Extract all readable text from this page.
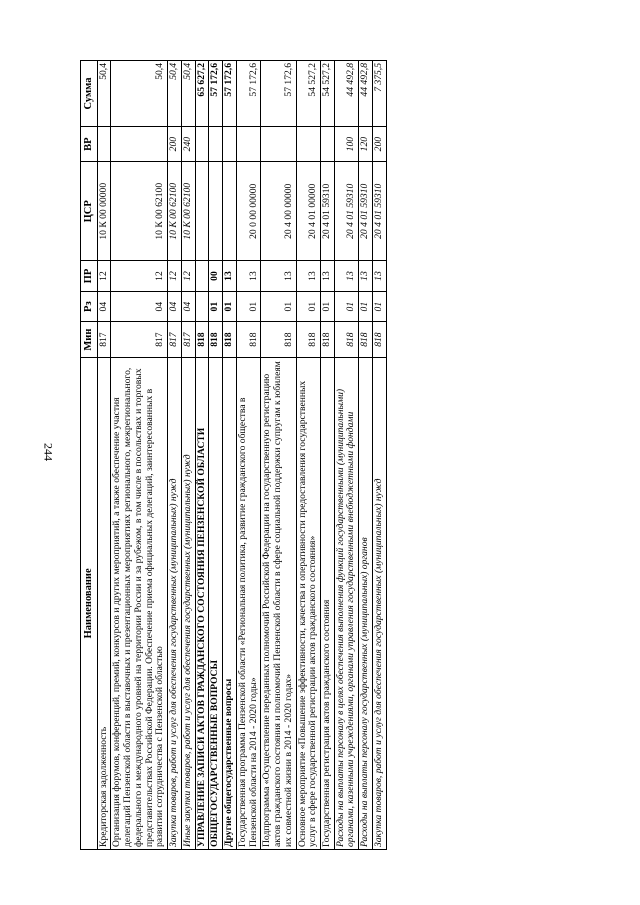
244
Наименование	Мин	Рз	ПР	ЦСР	ВР	Сумма
Кредиторская задолженность	817	04	12	10 К 00 00000		50,4
Организация форумов, конференций, премий, конкурсов и других мероприятий, а также обеспечение участия делегаций Пензенской области в выставочных и презентационных мероприятиях регионального, межрегионального, федерального и международного уровней на территории России и за рубежом, в том числе в посольствах и торговых представительствах Российской Федерации. Обеспечение приема официальных делегаций, заинтересованных в развитии сотрудничества с Пензенской областью	817	04	12	10 К 00 62100		50,4
Закупка товаров, работ и услуг для обеспечения государственных (муниципальных) нужд	817	04	12	10 К 00 62100	200	50,4
Иные закупки товаров, работ и услуг для обеспечения государственных (муниципальных) нужд	817	04	12	10 К 00 62100	240	50,4
УПРАВЛЕНИЕ ЗАПИСИ АКТОВ ГРАЖДАНСКОГО СОСТОЯНИЯ ПЕНЗЕНСКОЙ ОБЛАСТИ	818					65 627,2
ОБЩЕГОСУДАРСТВЕННЫЕ ВОПРОСЫ	818	01	00			57 172,6
Другие общегосударственные вопросы	818	01	13			57 172,6
Государственная программа Пензенской области «Региональная политика, развитие гражданского общества в Пензенской области на 2014 - 2020 годы»	818	01	13	20 0 00 00000		57 172,6
Подпрограмма «Осуществление переданных полномочий Российской Федерации на государственную регистрацию актов гражданского состояния и полномочий Пензенской области в сфере социальной поддержки супругам к юбилеям их совместной жизни в 2014 - 2020 годах»	818	01	13	20 4 00 00000		57 172,6
Основное мероприятие «Повышение эффективности, качества и оперативности предоставления государственных услуг в сфере государственной регистрации актов гражданского состояния»	818	01	13	20 4 01 00000		54 527,2
Государственная регистрация актов гражданского состояния	818	01	13	20 4 01 59310		54 527,2
Расходы на выплаты персоналу в целях обеспечения выполнения функций государственными (муниципальными) органами, казенными учреждениями, органами управления государственными внебюджетными фондами	818	01	13	20 4 01 59310	100	44 492,8
Расходы на выплаты персоналу государственных (муниципальных) органов	818	01	13	20 4 01 59310	120	44 492,8
Закупка товаров, работ и услуг для обеспечения государственных (муниципальных) нужд	818	01	13	20 4 01 59310	200	7 375,5
